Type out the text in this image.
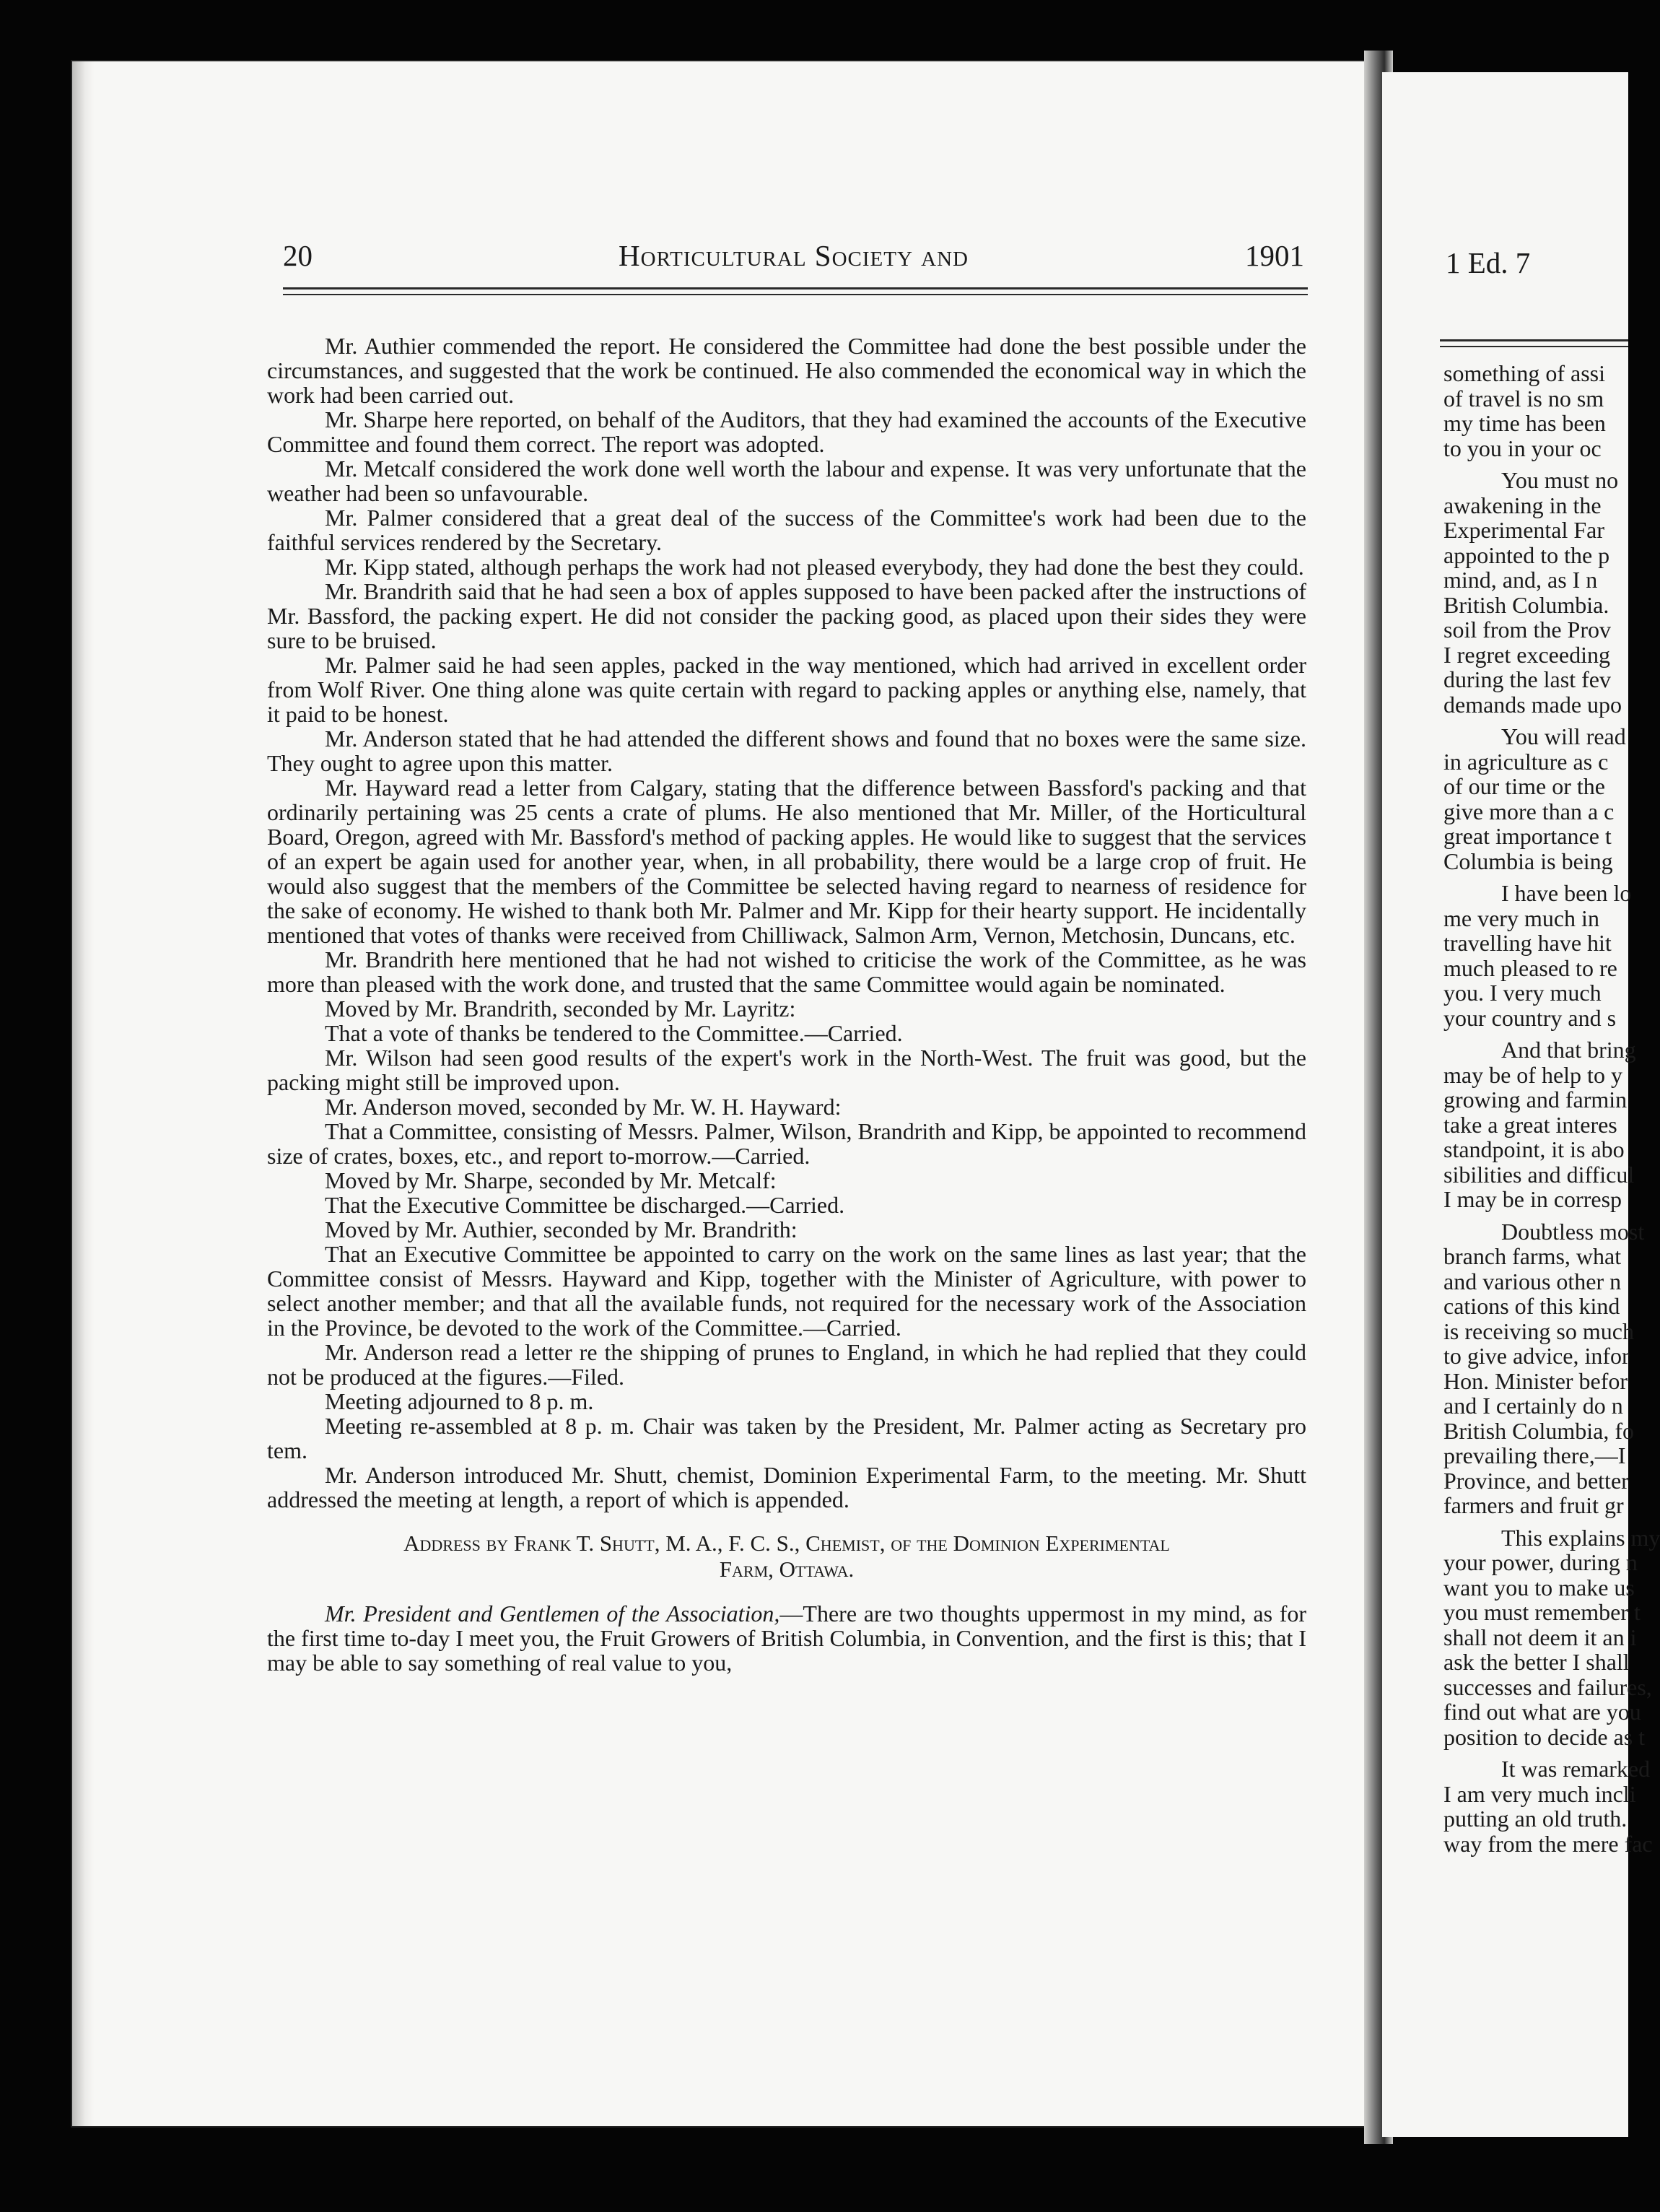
20	Horticultural Society and	1901

Mr. Authier commended the report. He considered the Committee had done the best possible under the circumstances, and suggested that the work be continued. He also commended the economical way in which the work had been carried out.

Mr. Sharpe here reported, on behalf of the Auditors, that they had examined the accounts of the Executive Committee and found them correct. The report was adopted.

Mr. Metcalf considered the work done well worth the labour and expense. It was very unfortunate that the weather had been so unfavourable.

Mr. Palmer considered that a great deal of the success of the Committee's work had been due to the faithful services rendered by the Secretary.

Mr. Kipp stated, although perhaps the work had not pleased everybody, they had done the best they could.

Mr. Brandrith said that he had seen a box of apples supposed to have been packed after the instructions of Mr. Bassford, the packing expert. He did not consider the packing good, as placed upon their sides they were sure to be bruised.

Mr. Palmer said he had seen apples, packed in the way mentioned, which had arrived in excellent order from Wolf River. One thing alone was quite certain with regard to packing apples or anything else, namely, that it paid to be honest.

Mr. Anderson stated that he had attended the different shows and found that no boxes were the same size. They ought to agree upon this matter.

Mr. Hayward read a letter from Calgary, stating that the difference between Bassford's packing and that ordinarily pertaining was 25 cents a crate of plums. He also mentioned that Mr. Miller, of the Horticultural Board, Oregon, agreed with Mr. Bassford's method of packing apples. He would like to suggest that the services of an expert be again used for another year, when, in all probability, there would be a large crop of fruit. He would also suggest that the members of the Committee be selected having regard to nearness of residence for the sake of economy. He wished to thank both Mr. Palmer and Mr. Kipp for their hearty support. He incidentally mentioned that votes of thanks were received from Chilliwack, Salmon Arm, Vernon, Metchosin, Duncans, etc.

Mr. Brandrith here mentioned that he had not wished to criticise the work of the Committee, as he was more than pleased with the work done, and trusted that the same Committee would again be nominated.

Moved by Mr. Brandrith, seconded by Mr. Layritz:

That a vote of thanks be tendered to the Committee.—Carried.

Mr. Wilson had seen good results of the expert's work in the North-West. The fruit was good, but the packing might still be improved upon.

Mr. Anderson moved, seconded by Mr. W. H. Hayward:

That a Committee, consisting of Messrs. Palmer, Wilson, Brandrith and Kipp, be appointed to recommend size of crates, boxes, etc., and report to-morrow.—Carried.

Moved by Mr. Sharpe, seconded by Mr. Metcalf:

That the Executive Committee be discharged.—Carried.

Moved by Mr. Authier, seconded by Mr. Brandrith:

That an Executive Committee be appointed to carry on the work on the same lines as last year; that the Committee consist of Messrs. Hayward and Kipp, together with the Minister of Agriculture, with power to select another member; and that all the available funds, not required for the necessary work of the Association in the Province, be devoted to the work of the Committee.—Carried.

Mr. Anderson read a letter re the shipping of prunes to England, in which he had replied that they could not be produced at the figures.—Filed.

Meeting adjourned to 8 p. m.

Meeting re-assembled at 8 p. m. Chair was taken by the President, Mr. Palmer acting as Secretary pro tem.

Mr. Anderson introduced Mr. Shutt, chemist, Dominion Experimental Farm, to the meeting. Mr. Shutt addressed the meeting at length, a report of which is appended.

Address by Frank T. Shutt, M. A., F. C. S., Chemist, of the Dominion Experimental
Farm, Ottawa.

Mr. President and Gentlemen of the Association,—There are two thoughts uppermost in my mind, as for the first time to-day I meet you, the Fruit Growers of British Columbia, in Convention, and the first is this; that I may be able to say something of real value to you,

1 Ed. 7
something of assi
of travel is no sm
my time has been
to you in your oc
You must no
awakening in the
Experimental Far
appointed to the p
mind, and, as I n
British Columbia.
soil from the Prov
I regret exceeding
during the last fev
demands made upo
You will read
in agriculture as c
of our time or the
give more than a c
great importance t
Columbia is being
I have been lo
me very much in
travelling have hit
much pleased to re
you. I very much
your country and s
And that bring
may be of help to y
growing and farmin
take a great interes
standpoint, it is abo
sibilities and difficul
I may be in corresp
Doubtless most
branch farms, what
and various other n
cations of this kind
is receiving so much
to give advice, infor
Hon. Minister befor
and I certainly do n
British Columbia, fo
prevailing there,—I
Province, and better
farmers and fruit gr
This explains my
your power, during n
want you to make us
you must remember t
shall not deem it an i
ask the better I shall
successes and failures,
find out what are you
position to decide as t
It was remarked
I am very much incli
putting an old truth.
way from the mere fac
